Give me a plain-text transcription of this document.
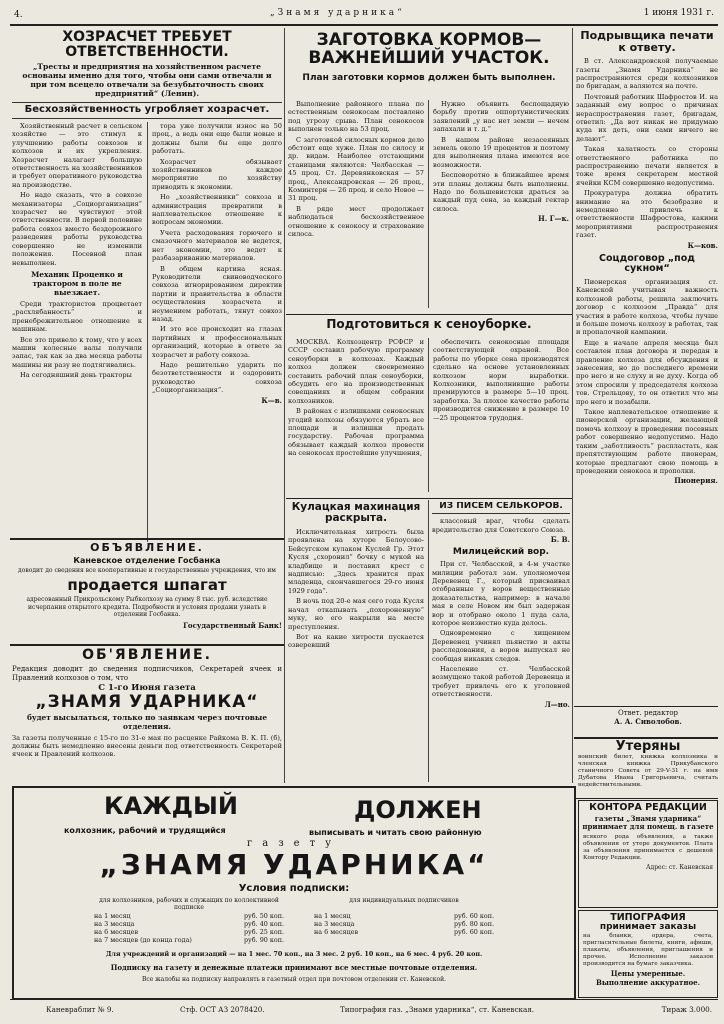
4.	„Знамя ударника“	1 июня 1931 г.
ХОЗРАСЧЕТ ТРЕБУЕТ ОТВЕТСТВЕННОСТИ.
„Тресты и предприятия на хозяйственном расчете основаны именно для того, чтобы они сами отвечали и при том всецело отвечали за безубыточность своих предприятий“ (Ленин).
Бесхозяйственность угробляет хозрасчет.

Хозяйственный расчет в сельском хозяйстве — это стимул к улучшению работы совхозов и колхозов и их укрепления. Хозрасчет налагает большую ответственность на хозяйственников и требует оперативного руководства на производстве.

Но надо сказать, что в совхозе механизаторы „Социорганизация“ хозрасчет не чувствуют этой ответственности. В первой половине работа совхоз вместо бездорожного разведения работы руководства совершенно не изменили положения. Посевной план невыполнен.

Механик Проценко и трактором в поле не выезжает.

Среди трактористов процветает „расхлябанность“ и пренебрежительное отношение к машинам.

Все это привело к тому, что у всех машин колесные валы получили запас, так как за два месяца работы машины ни разу не подтягивались.

На сегодняшний день тракторы

тора уже получили износ на 50 проц., а ведь они еще были новые и должны были бы еще долго работать.

Хозрасчет обязывает хозяйственников каждое мероприятие по хозяйству приводить к экономии.

Но „хозяйственники“ совхоза и администрация превратили в наплевательское отношение к вопросам экономии.

Учета расходования горючего и смазочного материалов не ведется, нет экономии, это ведет к разбазариванию материалов.

В общем картина ясная. Руководители свиноводческого совхоза игнорированием директив партии и правительства в области осуществления хозрасчета и неумением работать, тянут совхоз назад.

И это все происходит на глазах партийных и профессиональных организаций, которые в ответе за хозрасчет и работу совхоза.

Надо решительно ударить по безответственности и оздоровить руководство совхоза „Социорганизация“.

К—в.
ОБЪЯВЛЕНИЕ.
Каневское отделение Госбанка
доводит до сведения все кооперативные и государственные учреждения, что им
продается шпагат
адресованный Прикрольскому Рыбколхозу на сумму 8 тыс. руб. вследствие исчерпания открытого кредита. Подробности и условия продажи узнать в отделении Госбанка.
Государственный Банк!
ОБ'ЯВЛЕНИЕ.
Редакция доводит до сведения подписчиков, Секретарей ячеек и Правлений колхозов о том, что
С 1-го Июня газета
„ЗНАМЯ УДАРНИКА“
будет высылаться, только по заявкам через почтовые отделения.
За газеты полученные с 15-го по 31-е мая по расценке Райкома В. К. П. (б), должны быть немедленно внесены деньги под ответственность Секретарей ячеек и Правлений колхозов.
ЗАГОТОВКА КОРМОВ—ВАЖНЕЙШИЙ УЧАСТОК.
План заготовки кормов должен быть выполнен.

Выполнение районного плана по естественным сенокосам поставлено под угрозу срыва. План сенокосов выполнен только на 53 проц.

С заготовкой силосных кормов дело обстоит еще хуже. План по силосу и др. видам. Наиболее отстающими станицами являются: Челбасская — 45 проц. Ст. Деревянковская — 57 проц., Александровская — 26 проц., Коминтерн — 26 проц. и село Новое — 31 проц.

В ряде мест продолжает наблюдаться бесхозяйственное отношение к сенокосу и страхование силоса.

Нужно объявить беспощадную борьбу против оппортунистических заявлений „у нас нет земли — нечем запахали и т. д.“

В нашем районе незасеянных земель около 19 процентов и поэтому для выполнения плана имеются все возможности.

Бесповоротно в ближайшее время эти планы должны быть выполнены. Надо по большевистски драться за каждый пуд сена, за каждый гектар силоса.

Н. Г—к.
Подготовиться к сеноуборке.

МОСКВА. Колхозцентр РСФСР и СССР составил рабочую программу сеноуборки в колхозах. Каждый колхоз должен своевременно составить рабочий план сеноуборки, обсудить его на производственных совещаниях и общем собрании колхозников.

В районах с излишками сенокосных угодий колхозы обязуются убрать все площади и излишки продать государству. Рабочая программа обязывает каждый колхоз провести на сенокосах простейшие улучшения,

обеспечить сенокосные площади соответствующей охраной. Все работы по уборке сена производятся сдельно на основе установленных колхозом норм выработки. Колхозники, выполнившие работы премируются в размере 5—10 проц. заработка. За плохое качество работы производится снижение в размере 10—25 процентов трудодня.

Кулацкая махинация раскрыта.

Исключительная хитрость была проявлена на хуторе Белоусово-Бейсугском кулаком Куслей Гр. Этот Кусля „схоронил“ бочку с мукой на кладбище и поставил крест с надписью: „Здесь хранится прах младенца, скончавшегося 29-го июня 1929 года“.

В ночь под 20-е мая сего года Кусля начал откапывать „похороненную“ муку, но его накрыли на месте преступления.

Вот на какие хитрости пускается озверевший

ИЗ ПИСЕМ СЕЛЬКОРОВ.

классовый враг, чтобы сделать вредительство для Советского Союза.

Б. В.
Милицейский вор.

При ст. Челбасской, в 4-м участке милиции работал зам. уполномочен Деревенец Г., который присваивал отобранные у воров вещественные доказательства, например: в начале мая в селе Новом им был задержан вор и отобрано около 1 пуда сала, которое неизвестно куда делось.

Одновременно с хищением Деревенец учинял пьянство и акты расследования, а воров выпускал не сообщая никаких следов.

Население ст. Челбасской возмущено такой работой Деревенца и требует привлечь его к уголовной ответственности.

Л—но.
Подрывщика печати к ответу.

В ст. Александровской получаемые газеты „Знамя Ударника“ не распространяются среди колхозников по бригадам, а валяются на почте.

Почтовый работник Шафростов И. на заданный ему вопрос о причинах нераспространения газет, бригадам, ответил: „Да вот никак не придумаю куда их деть, они сами ничего не делают“.

Такая халатность со стороны ответственного работника по распространению печати является в тоже время секретарем местной ячейки КСМ совершенно недопустима.

Прокуратура должна обратить внимание на это безобразие и немедленно привлечь к ответственности Шафростова, какими мероприятиями распространения газет.

К—ков.
Соцдоговор „под сукном“

Пионерская организация ст. Каневской учитывая важность колхозной работы, решила заключить договор с колхозом „Правда“ для участия в работе колхоза, чтобы лучше и больше помочь колхозу в работах, так и пропалочной кампании.

Еще в начале апреля месяца был составлен план договора и передан в правление колхоза для обсуждения и занесения, но до последнего времени про него и не слуху и не духу. Когда об этом спросили у председателя колхоза тов. Стрельцову, то он ответил что мы про него и позабыли.

Такое наплевательское отношение к пионерской организации, желающей помочь колхозу в проведении посевных работ совершенно недопустимо. Надо таким „заботливость“ распластать, как препятствующим работе пионерам, которые предлагают свою помощь в проведении сенокоса и прополки.

Пионерия.
Ответ. редактор
А. А. Сиволобов.
Утеряны
воинский билет, книжка колхозника и членская книжка Прикубанского станичного Совета от 29-V-31 г. на имя Дубатова Ивана Григорьевича, считать недействительными.
КОНТОРА РЕДАКЦИИ
газеты „Знамя ударника“ принимает для помещ. в газете
всякого рода объявления, а также объявления от утере документов. Плата за объявления принимается с дешевой Контору Редакции.
Адрес: ст. Каневская
ТИПОГРАФИЯ
принимает заказы
на бланки, ордера, счета, пригласительные билеты, книги, афиши, плакаты, объявления, приглашения и прочее. Исполнение заказов производится на бумаге заказчика.
Цены умеренные.
Выполнение аккуратное.
КАЖДЫЙ	ДОЛЖЕН
колхозник, рабочий и трудящийся	выписывать и читать свою районную
газету
„ЗНАМЯ УДАРНИКА“
Условия подписки:
для колхозников, рабочих и служащих по коллективной подписке
для индивидуальных подписчиков
на 1 месяц	руб. 50 коп.
на 3 месяца	руб. 40 коп.
на 6 месяцев	руб. 25 коп.
на 7 месяцев (до конца года)	руб. 90 коп.
на 1 месяц	руб. 60 коп.
на 3 месяца	руб. 80 коп.
на 6 месяцев	руб. 60 коп.
Для учреждений и организаций — на 1 мес. 70 коп., на 3 мес. 2 руб. 10 коп., на 6 мес. 4 руб. 20 коп.
Подписку на газету и денежные платежи принимают все местные почтовые отделения.
Все жалобы на подписку направлять в газетный отдел при почтовом отделении ст. Каневской.
Каневраблит № 9.	Стф. ОСТ АЗ 2078420.	Типография газ. „Знамя ударника“, ст. Каневская.	Тираж 3.000.
